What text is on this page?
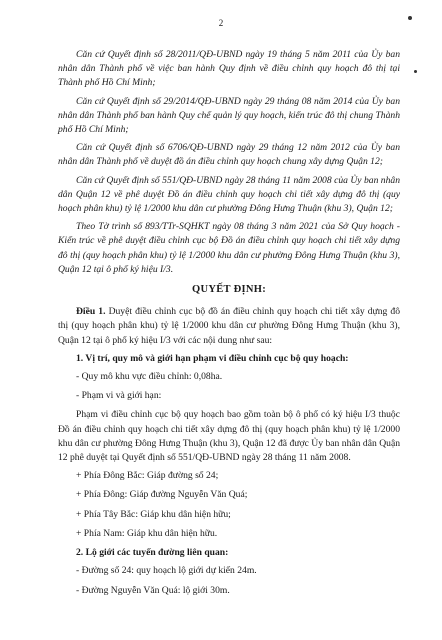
2

Căn cứ Quyết định số 28/2011/QĐ-UBND ngày 19 tháng 5 năm 2011 của Ủy ban nhân dân Thành phố về việc ban hành Quy định về điều chỉnh quy hoạch đô thị tại Thành phố Hồ Chí Minh;

Căn cứ Quyết định số 29/2014/QĐ-UBND ngày 29 tháng 08 năm 2014 của Ủy ban nhân dân Thành phố ban hành Quy chế quản lý quy hoạch, kiến trúc đô thị chung Thành phố Hồ Chí Minh;

Căn cứ Quyết định số 6706/QĐ-UBND ngày 29 tháng 12 năm 2012 của Ủy ban nhân dân Thành phố về duyệt đồ án điều chỉnh quy hoạch chung xây dựng Quận 12;

Căn cứ Quyết định số 551/QĐ-UBND ngày 28 tháng 11 năm 2008 của Ủy ban nhân dân Quận 12 về phê duyệt Đồ án điều chỉnh quy hoạch chi tiết xây dựng đô thị (quy hoạch phân khu) tỷ lệ 1/2000 khu dân cư phường Đông Hưng Thuận (khu 3), Quận 12;

Theo Tờ trình số 893/TTr-SQHKT ngày 08 tháng 3 năm 2021 của Sở Quy hoạch - Kiến trúc về phê duyệt điều chỉnh cục bộ Đồ án điều chỉnh quy hoạch chi tiết xây dựng đô thị (quy hoạch phân khu) tỷ lệ 1/2000 khu dân cư phường Đông Hưng Thuận (khu 3), Quận 12 tại ô phố ký hiệu I/3.

QUYẾT ĐỊNH:

Điều 1. Duyệt điều chỉnh cục bộ đồ án điều chỉnh quy hoạch chi tiết xây dựng đô thị (quy hoạch phân khu) tỷ lệ 1/2000 khu dân cư phường Đông Hưng Thuận (khu 3), Quận 12 tại ô phố ký hiệu I/3 với các nội dung như sau:

1. Vị trí, quy mô và giới hạn phạm vi điều chỉnh cục bộ quy hoạch:

- Quy mô khu vực điều chỉnh: 0,08ha.

- Phạm vi và giới hạn:

Phạm vi điều chỉnh cục bộ quy hoạch bao gồm toàn bộ ô phố có ký hiệu I/3 thuộc Đồ án điều chỉnh quy hoạch chi tiết xây dựng đô thị (quy hoạch phân khu) tỷ lệ 1/2000 khu dân cư phường Đông Hưng Thuận (khu 3), Quận 12 đã được Ủy ban nhân dân Quận 12 phê duyệt tại Quyết định số 551/QĐ-UBND ngày 28 tháng 11 năm 2008.

+ Phía Đông Bắc: Giáp đường số 24;

+ Phía Đông: Giáp đường Nguyễn Văn Quá;

+ Phía Tây Bắc: Giáp khu dân hiện hữu;

+ Phía Nam: Giáp khu dân hiện hữu.

2. Lộ giới các tuyến đường liên quan:

- Đường số 24: quy hoạch lộ giới dự kiến 24m.

- Đường Nguyễn Văn Quá: lộ giới 30m.
